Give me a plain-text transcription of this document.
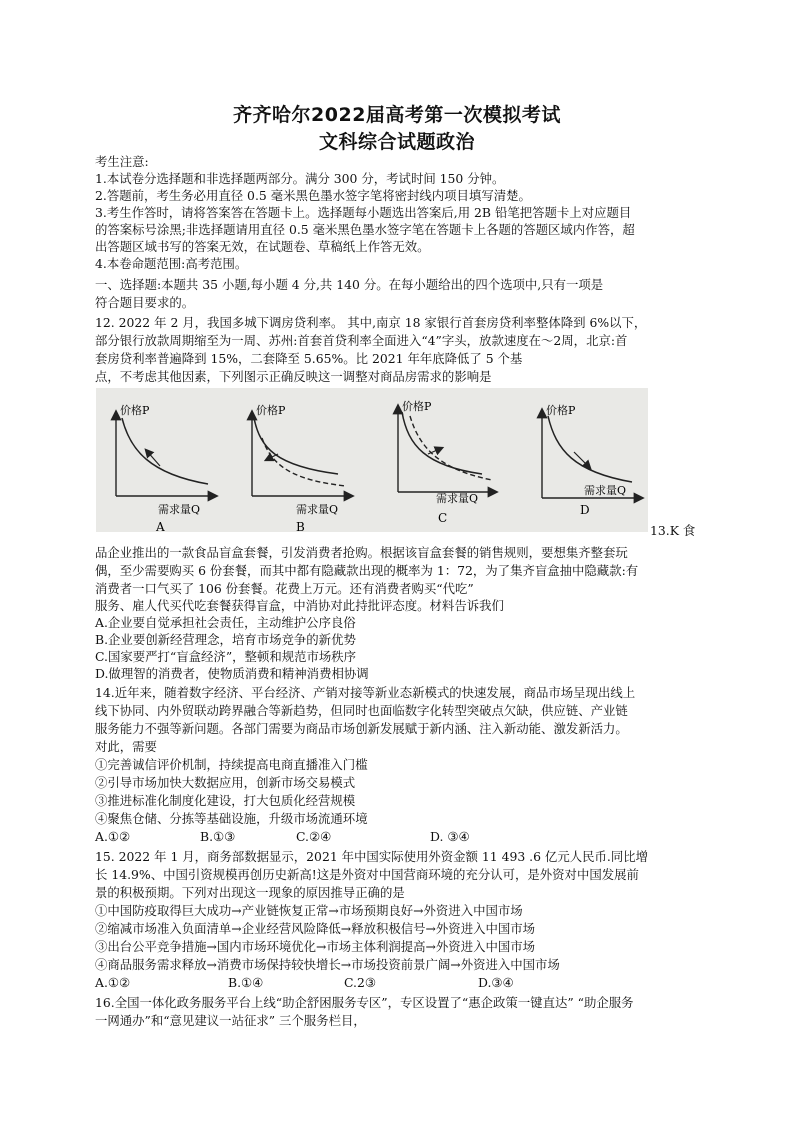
齐齐哈尔2022届高考第一次模拟考试
文科综合试题政治
考生注意:
1.本试卷分选择题和非选择题两部分。满分 300 分，考试时间 150 分钟。
2.答题前，考生务必用直径 0.5 毫米黑色墨水签字笔将密封线内项目填写清楚。
3.考生作答时，请将答案答在答题卡上。选择题每小题选出答案后,用 2B 铅笔把答题卡上对应题目
的答案标号涂黑;非选择题请用直径 0.5 毫米黑色墨水签字笔在答题卡上各题的答题区域内作答，超
出答题区域书写的答案无效，在试题卷、草稿纸上作答无效。
4.本卷命题范围:高考范围。
一、选择题:本题共 35 小题,每小题 4 分,共 140 分。在每小题给出的四个选项中,只有一项是
符合题目要求的。
12. 2022 年 2 月，我国多城下调房贷利率。 其中,南京 18 家银行首套房贷利率整体降到 6%以下，
部分银行放款周期缩至为一周、苏州:首套首贷利率全面进入“4”字头，放款速度在～2周，北京:首
套房贷利率普遍降到 15%，二套降至 5.65%。比 2021 年年底降低了 5 个基
点，不考虑其他因素，下列图示正确反映这一调整对商品房需求的影响是
价格P
需求量Q
A
价格P
需求量Q
B
价格P
需求量Q
C
价格P
需求量Q
D
13.K 食
品企业推出的一款食品盲盒套餐，引发消费者抢购。根据该盲盒套餐的销售规则，要想集齐整套玩
偶，至少需要购买 6 份套餐，而其中都有隐藏款出现的概率为 1：72，为了集齐盲盒抽中隐藏款:有
消费者一口气买了 106 份套餐。花费上万元。还有消费者购买“代吃”
服务、雇人代买代吃套餐获得盲盒，中消协对此持批评态度。材料告诉我们
A.企业要自觉承担社会责任，主动维护公序良俗
B.企业要创新经营理念，培育市场竞争的新优势
C.国家要严打“盲盒经济”，整顿和规范市场秩序
D.做理智的消费者，使物质消费和精神消费相协调
14.近年来，随着数字经济、平台经济、产销对接等新业态新模式的快速发展，商品市场呈现出线上
线下协同、内外贸联动跨界融合等新趋势，但同时也面临数字化转型突破点欠缺，供应链、产业链
服务能力不强等新问题。各部门需要为商品市场创新发展赋于新内涵、注入新动能、激发新活力。
对此，需要
①完善诚信评价机制，持续提高电商直播准入门槛
②引导市场加快大数据应用，创新市场交易模式
③推进标准化制度化建设，打大包质化经营规模
④聚焦仓储、分拣等基础设施，升级市场流通环境
A.①②	B.①③	C.②④	D. ③④
15. 2022 年 1 月，商务部数据显示，2021 年中国实际使用外资金额 11 493 .6 亿元人民币.同比增
长 14.9%、中国引资规模再创历史新高!这是外资对中国营商环境的充分认可，是外资对中国发展前
景的积极预期。下列对出现这一现象的原因推导正确的是
①中国防疫取得巨大成功→产业链恢复正常→市场预期良好→外资进入中国市场
②缩减市场准入负面清单→企业经营风险降低→释放积极信号→外资进入中国市场
③出台公平竞争措施→国内市场环境优化→市场主体利润提高→外资进入中国市场
④商品服务需求释放→消费市场保持较快增长→市场投资前景广阔→外资进入中国市场
A.①②	B.①④	C.2③	D.③④
16.全国一体化政务服务平台上线“助企舒困服务专区”，专区设置了“惠企政策一键直达” “助企服务
一网通办”和“意见建议一站征求” 三个服务栏目，
